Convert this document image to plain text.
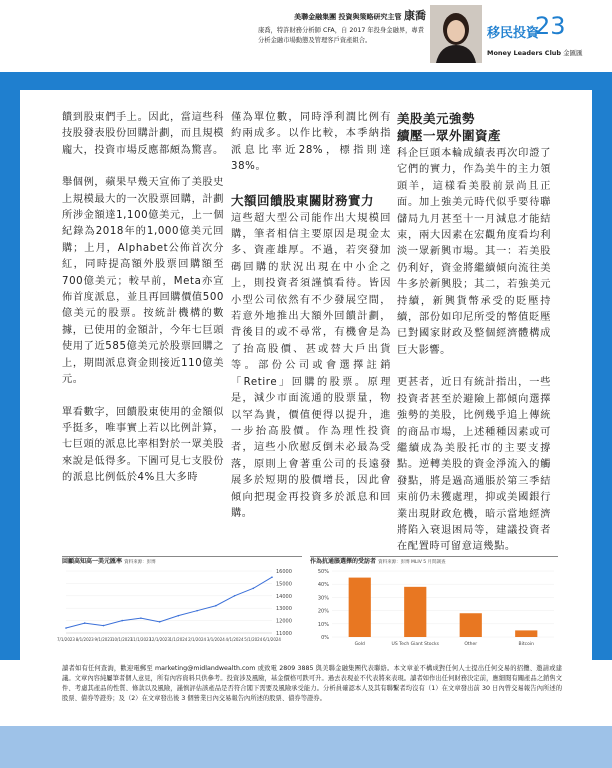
美聯金融集團 投資與策略研究主管 康喬
康喬，特許財務分析師 CFA，自 2017 年投身金融界，專責分析金融市場動態及管理客戶資產組合。	移民投資
23
Money Leaders Club 金匯匯

饋到股東們手上。因此，當這些科技股發表股份回購計劃，而且規模龐大，投資市場反應都頗為驚喜。

舉個例，蘋果早幾天宣佈了美股史上規模最大的一次股票回購，計劃所涉金額達1,100億美元，上一個紀錄為2018年的1,000億美元回購；上月，Alphabet公佈首次分紅，同時提高額外股票回購額至700億美元；較早前，Meta亦宣佈首度派息，並且再回購價值500億美元的股票。按統計機構的數據，已使用的金額計，今年七巨頭使用了近585億美元於股票回購之上，期間派息資金則接近110億美元。

單看數字，回饋股東使用的金額似乎挺多，唯事實上若以比例計算，七巨頭的派息比率相對於一眾美股來說是低得多。下圖可見七支股份的派息比例低於4%且大多時

僅為單位數，同時淨利潤比例有約兩成多。以作比較，本季納指派息比率近28%，標指則達38%。

大額回饋股東關財務實力

這些超大型公司能作出大規模回購，筆者相信主要原因是現金太多、資產雄厚。不過，若突發加碼回購的狀況出現在中小企之上，則投資者須謹慎看待。皆因小型公司依然有不少發展空間，若意外地推出大額外回饋計劃，背後目的或不尋常，有機會是為了抬高股價、甚或替大戶出貨等。部份公司或會選擇註銷「Retire」回購的股票。原理是，減少市面流通的股票量，物以罕為貴，價值便得以提升，進一步抬高股價。作為理性投資者，這些小欣慰反倒未必最為受落，原則上會著重公司的長遠發展多於短期的股價增長，因此會傾向把現金再投資多於派息和回購。

美股美元強勢
續壓一眾外圍資產

科企巨頭本輪成績表再次印證了它們的實力，作為美牛的主力領頭羊，這樣看美股前景尚且正面。加上強美元時代似乎要待聯儲局九月甚至十一月減息才能結束，兩大因素在宏觀角度看均利淡一眾新興市場。其一：若美股仍利好，資金將繼續傾向流往美牛多於新興股；其二，若強美元持續，新興貨幣承受的貶壓持續，部份如印尼所受的幣值貶壓已對國家財政及整個經濟體構成巨大影響。

更甚者，近日有統計指出，一些投資者甚至於避險上都傾向選擇強勢的美股，比例幾乎追上傳統的商品市場，上述種種因素或可繼續成為美股托市的主要支撐點。逆轉美股的資金淨流入的觸發點，將是過高通脹於第三季結束前仍未獲處理，抑或美國銀行業出現財政危機，暗示當地經濟將陷入衰退困局等，建議投資者在配置時可留意這幾點。

回顧高知高一美元匯率 資料來源：彭博
16000
15000
14000
13000
12000
11000
7/1/2023 8/1/2023 9/1/2023 10/1/2023
11/1/2023
12/1/2023 1/1/2024 2/1/2024 3/1/2024 4/1/2024 5/1/2024 6/1/2024
作為抗通脹選擇的受訪者 資料來源：彭博 MLIV 5 月問調查
50%
40%
30%
20%
10%
0%
Gold	US Tech Giant Stocks	Other	Bitcoin
讀者如有任何查詢，歡迎電郵至 marketing@midlandwealth.com 或致電 2809 3885 與美聯金融集團代表聯絡。本文章並不構成對任何人士提出任何交易的招攬、邀請或建議。文章內容純屬筆者個人意見，所有內容資料只供參考。投資涉及風險，基金價格可跌可升。過去表現並不代表將來表現。讀者如作出任何財務決定前，應細閱有關產品之銷售文件、考慮其產品的性質、條款以及風險，謹慎評估該產品是否符合閣下需要及風險承受能力。分析員確認本人及其有聯繫者均沒有（1）在文章發出前 30 日內曾交易報告內所述的股票、債券等證券；及（2）在文章發出後 3 個營業日內交易報告內所述的股票、債券等證券。
